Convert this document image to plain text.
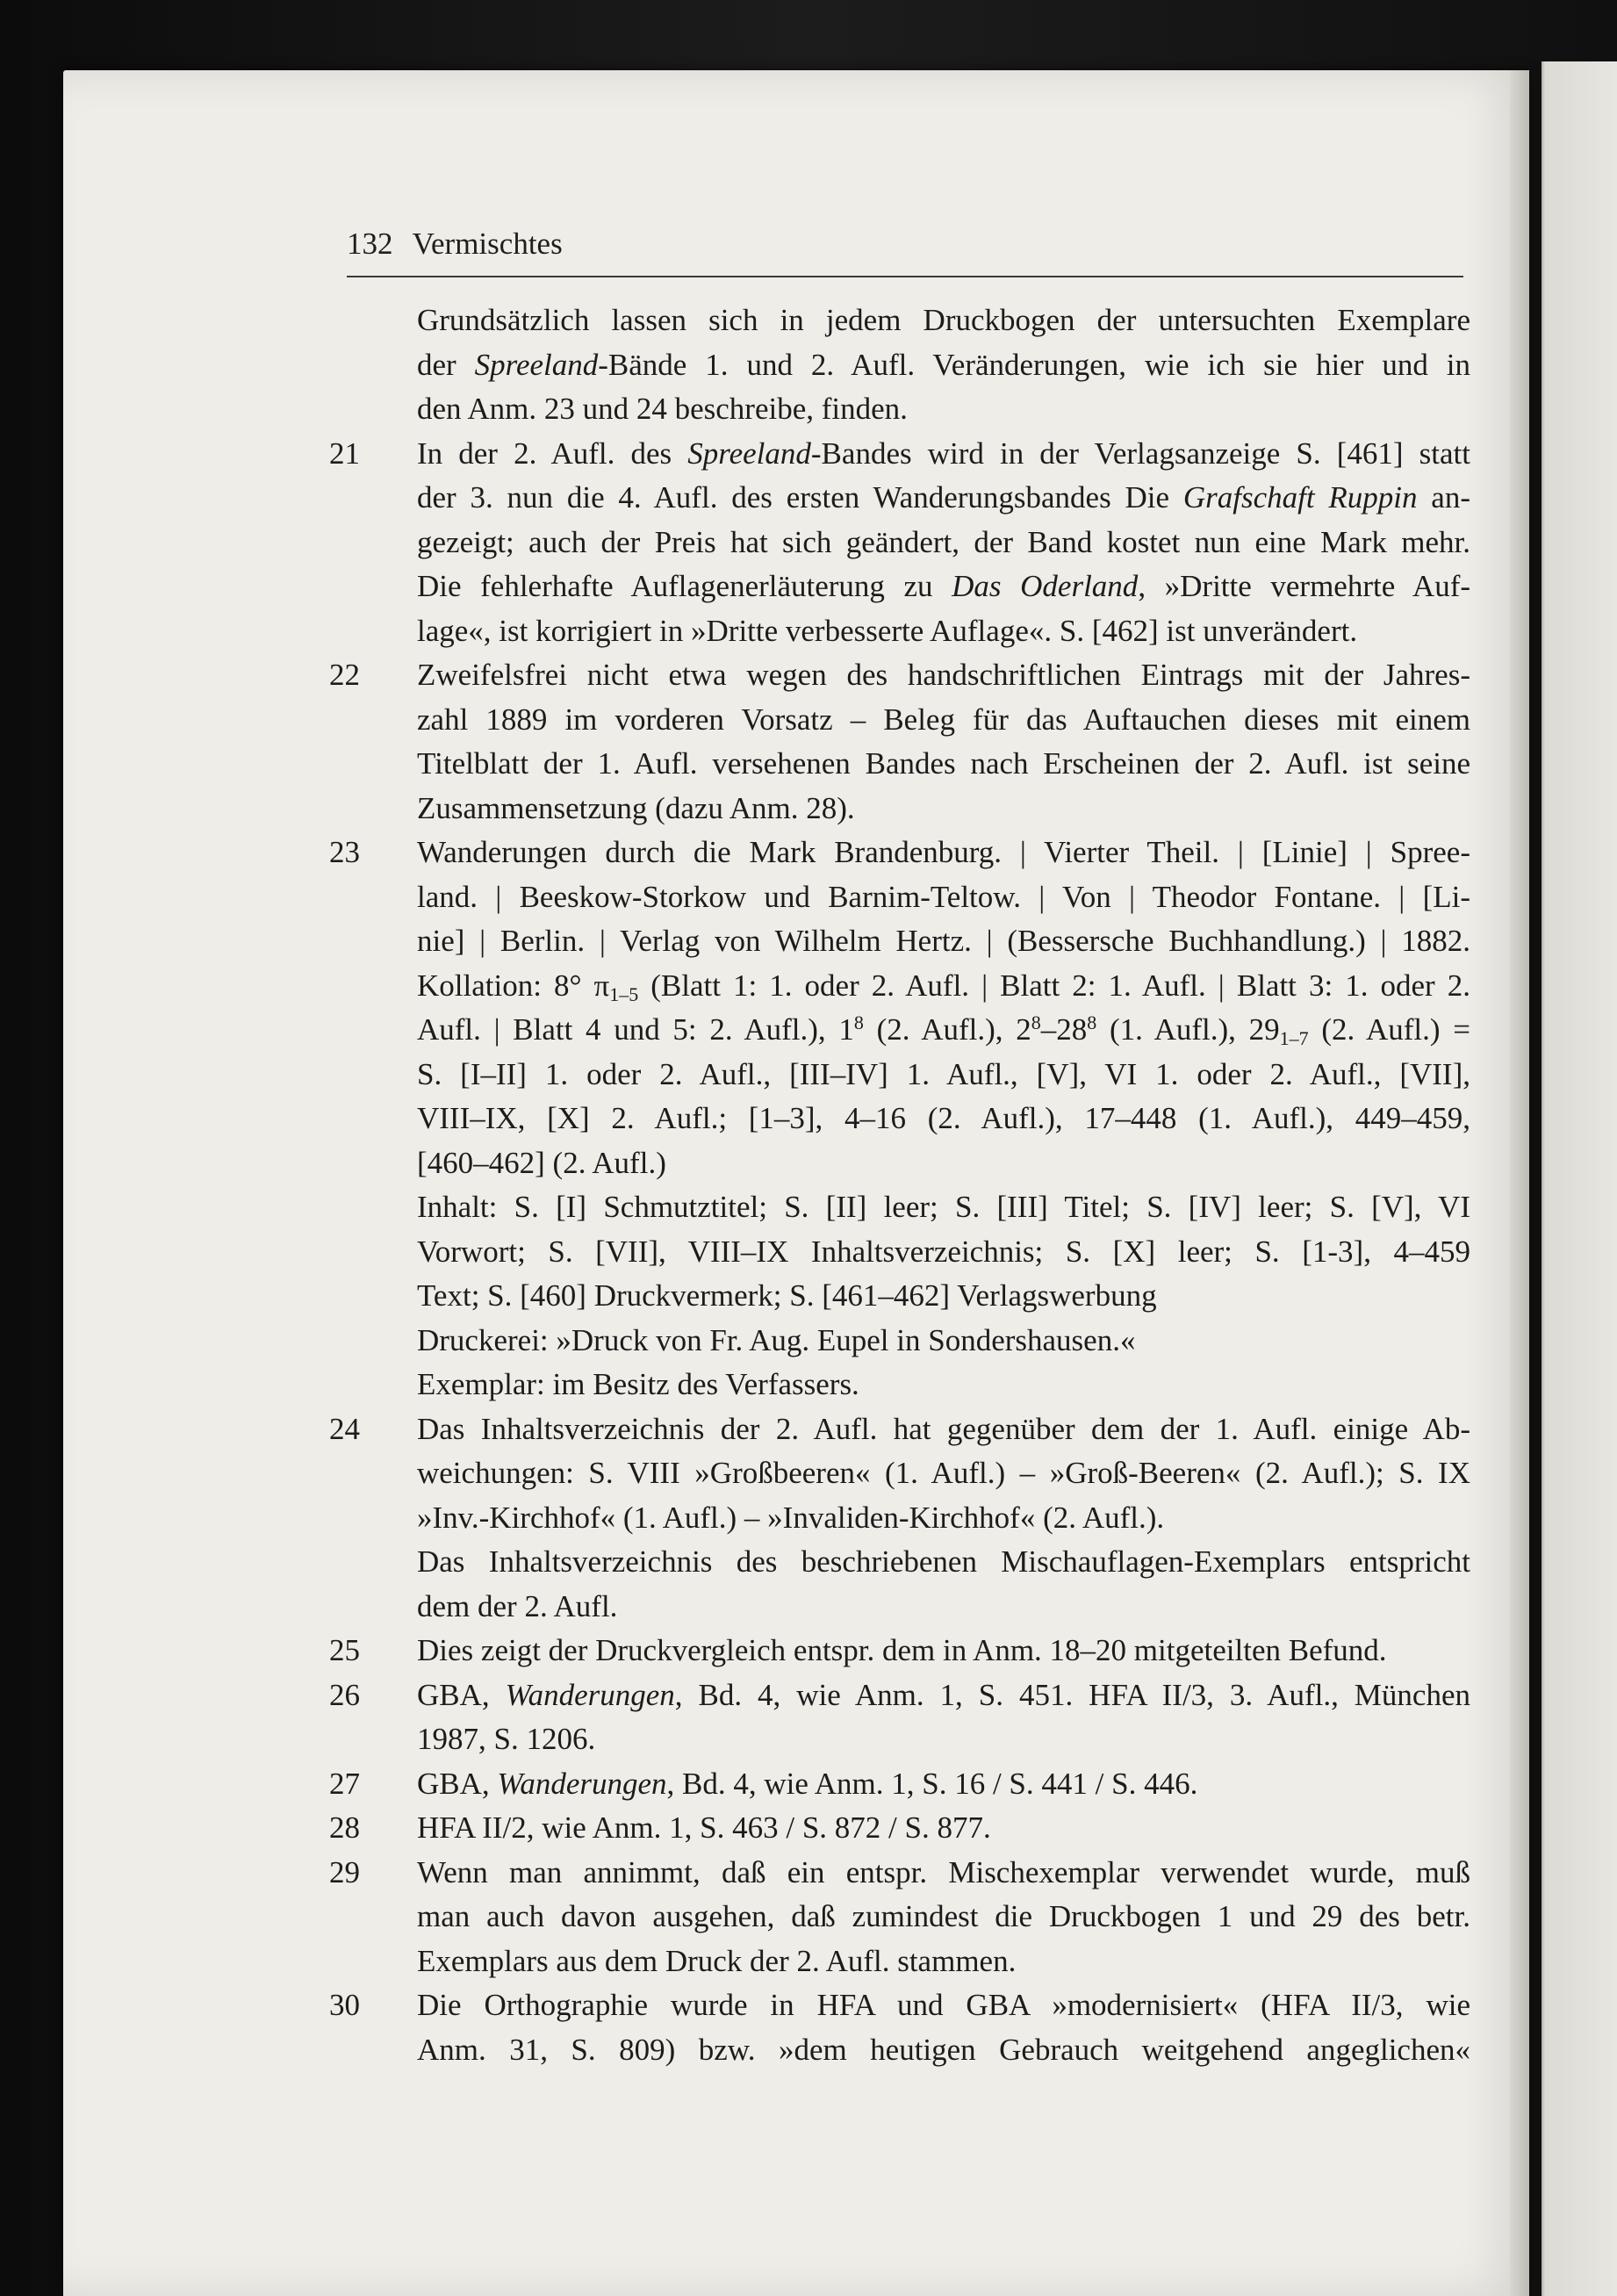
132 Vermischtes
Grundsätzlich lassen sich in jedem Druckbogen der untersuchten Exemplare
der Spreeland-Bände 1. und 2. Aufl. Veränderungen, wie ich sie hier und in
den Anm. 23 und 24 beschreibe, finden.
21	In der 2. Aufl. des Spreeland-Bandes wird in der Verlagsanzeige S. [461] statt
der 3. nun die 4. Aufl. des ersten Wanderungsbandes Die Grafschaft Ruppin an-
gezeigt; auch der Preis hat sich geändert, der Band kostet nun eine Mark mehr.
Die fehlerhafte Auflagenerläuterung zu Das Oderland, »Dritte vermehrte Auf-
lage«, ist korrigiert in »Dritte verbesserte Auflage«. S. [462] ist unverändert.
22	Zweifelsfrei nicht etwa wegen des handschriftlichen Eintrags mit der Jahres-
zahl 1889 im vorderen Vorsatz – Beleg für das Auftauchen dieses mit einem
Titelblatt der 1. Aufl. versehenen Bandes nach Erscheinen der 2. Aufl. ist seine
Zusammensetzung (dazu Anm. 28).
23	Wanderungen durch die Mark Brandenburg. | Vierter Theil. | [Linie] | Spree-
land. | Beeskow-Storkow und Barnim-Teltow. | Von | Theodor Fontane. | [Li-
nie] | Berlin. | Verlag von Wilhelm Hertz. | (Bessersche Buchhandlung.) | 1882.
Kollation: 8° $\pi_{1-5}$ (Blatt 1: 1. oder 2. Aufl. | Blatt 2: 1. Aufl. | Blatt 3: 1. oder 2.
Aufl. | Blatt 4 und 5: 2. Aufl.), $1^8$ (2. Aufl.), $2^8-28^8$ (1. Aufl.), $29_{1-7}$ (2. Aufl.) =
S. [I–II] 1. oder 2. Aufl., [III–IV] 1. Aufl., [V], VI 1. oder 2. Aufl., [VII],
VIII–IX, [X] 2. Aufl.; [1–3], 4–16 (2. Aufl.), 17–448 (1. Aufl.), 449–459,
[460–462] (2. Aufl.)
Inhalt: S. [I] Schmutztitel; S. [II] leer; S. [III] Titel; S. [IV] leer; S. [V], VI
Vorwort; S. [VII], VIII–IX Inhaltsverzeichnis; S. [X] leer; S. [1-3], 4–459
Text; S. [460] Druckvermerk; S. [461–462] Verlagswerbung
Druckerei: »Druck von Fr. Aug. Eupel in Sondershausen.«
Exemplar: im Besitz des Verfassers.
24	Das Inhaltsverzeichnis der 2. Aufl. hat gegenüber dem der 1. Aufl. einige Ab-
weichungen: S. VIII »Großbeeren« (1. Aufl.) – »Groß-Beeren« (2. Aufl.); S. IX
»Inv.-Kirchhof« (1. Aufl.) – »Invaliden-Kirchhof« (2. Aufl.).
Das Inhaltsverzeichnis des beschriebenen Mischauflagen-Exemplars entspricht
dem der 2. Aufl.
25	Dies zeigt der Druckvergleich entspr. dem in Anm. 18–20 mitgeteilten Befund.
26	GBA, Wanderungen, Bd. 4, wie Anm. 1, S. 451. HFA II/3, 3. Aufl., München
1987, S. 1206.
27	GBA, Wanderungen, Bd. 4, wie Anm. 1, S. 16 / S. 441 / S. 446.
28	HFA II/2, wie Anm. 1, S. 463 / S. 872 / S. 877.
29	Wenn man annimmt, daß ein entspr. Mischexemplar verwendet wurde, muß
man auch davon ausgehen, daß zumindest die Druckbogen 1 und 29 des betr.
Exemplars aus dem Druck der 2. Aufl. stammen.
30	Die Orthographie wurde in HFA und GBA »modernisiert« (HFA II/3, wie
Anm. 31, S. 809) bzw. »dem heutigen Gebrauch weitgehend angeglichen«
